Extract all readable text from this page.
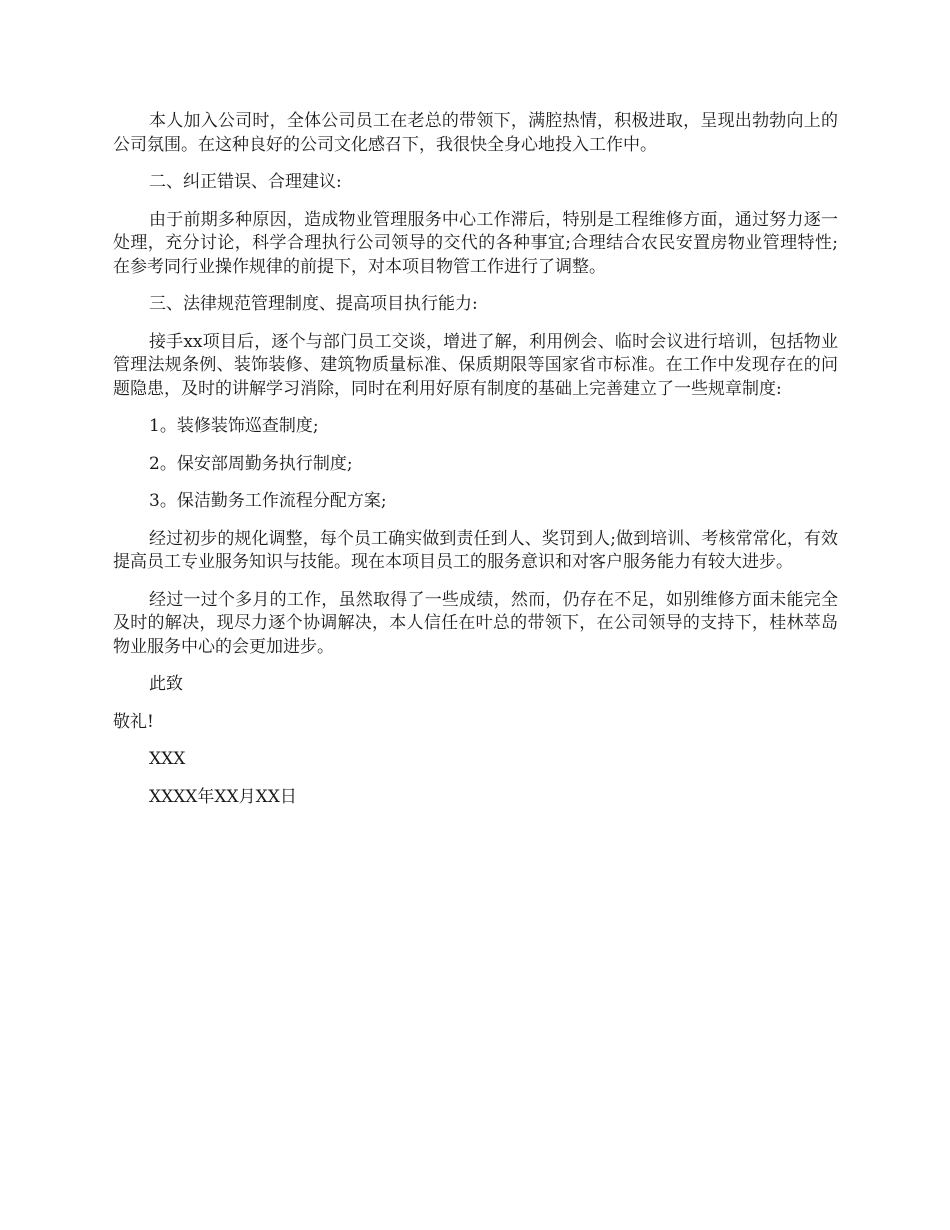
本人加入公司时，全体公司员工在老总的带领下，满腔热情，积极进取，呈现出勃勃向上的公司氛围。在这种良好的公司文化感召下，我很快全身心地投入工作中。

二、纠正错误、合理建议:

由于前期多种原因，造成物业管理服务中心工作滞后，特别是工程维修方面，通过努力逐一处理，充分讨论，科学合理执行公司领导的交代的各种事宜;合理结合农民安置房物业管理特性;在参考同行业操作规律的前提下，对本项目物管工作进行了调整。

三、法律规范管理制度、提高项目执行能力:

接手xx项目后，逐个与部门员工交谈，增进了解，利用例会、临时会议进行培训，包括物业管理法规条例、装饰装修、建筑物质量标准、保质期限等国家省市标准。在工作中发现存在的问题隐患，及时的讲解学习消除，同时在利用好原有制度的基础上完善建立了一些规章制度:

1。装修装饰巡查制度;

2。保安部周勤务执行制度;

3。保洁勤务工作流程分配方案;

经过初步的规化调整，每个员工确实做到责任到人、奖罚到人;做到培训、考核常常化，有效提高员工专业服务知识与技能。现在本项目员工的服务意识和对客户服务能力有较大进步。

经过一过个多月的工作，虽然取得了一些成绩，然而，仍存在不足，如别维修方面未能完全及时的解决，现尽力逐个协调解决，本人信任在叶总的带领下，在公司领导的支持下，桂林萃岛物业服务中心的会更加进步。

此致

敬礼!

XXX

XXXX年XX月XX日
